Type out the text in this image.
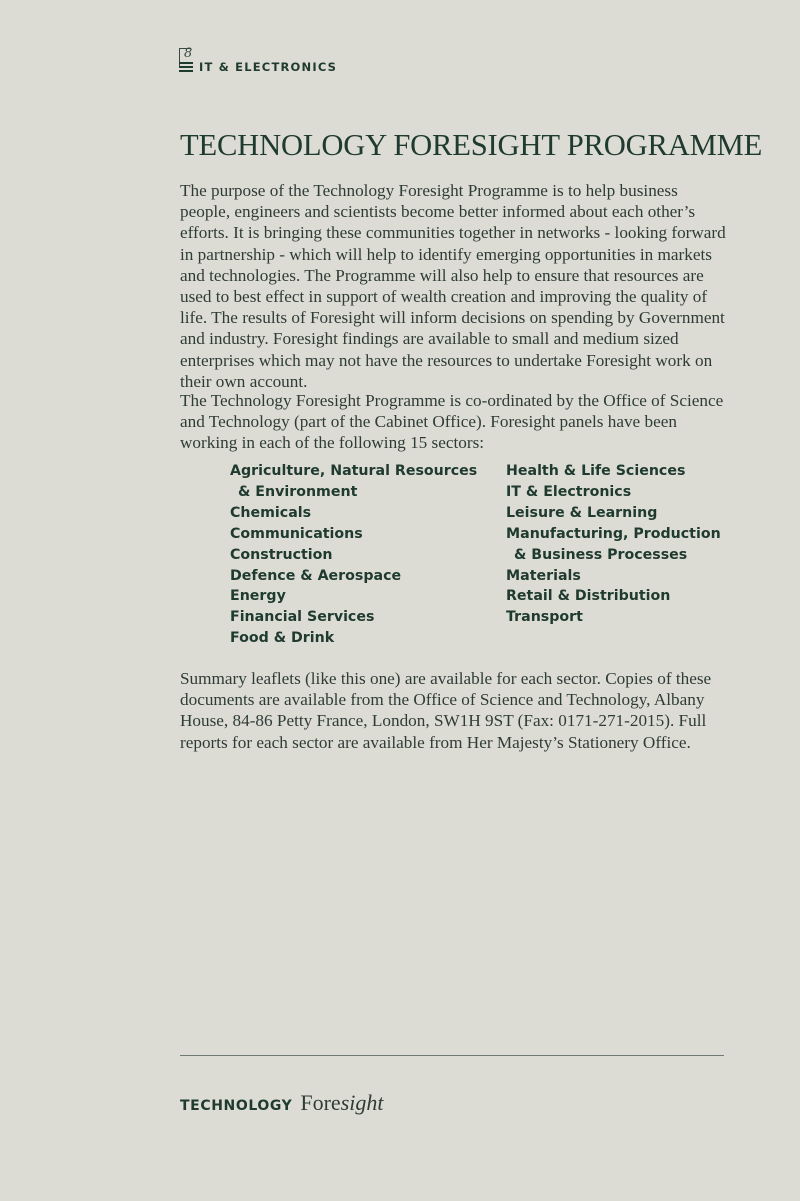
8
IT & ELECTRONICS
TECHNOLOGY FORESIGHT PROGRAMME

The purpose of the Technology Foresight Programme is to help business people, engineers and scientists become better informed about each other’s efforts. It is bringing these communities together in networks - looking forward in partnership - which will help to identify emerging opportunities in markets and technologies. The Programme will also help to ensure that resources are used to best effect in support of wealth creation and improving the quality of life. The results of Foresight will inform decisions on spending by Government and industry. Foresight findings are available to small and medium sized enterprises which may not have the resources to undertake Foresight work on their own account.

The Technology Foresight Programme is co-ordinated by the Office of Science and Technology (part of the Cabinet Office). Foresight panels have been working in each of the following 15 sectors:

Agriculture, Natural Resources
& Environment
Chemicals
Communications
Construction
Defence & Aerospace
Energy
Financial Services
Food & Drink
Health & Life Sciences
IT & Electronics
Leisure & Learning
Manufacturing, Production
& Business Processes
Materials
Retail & Distribution
Transport

Summary leaflets (like this one) are available for each sector. Copies of these documents are available from the Office of Science and Technology, Albany House, 84-86 Petty France, London, SW1H 9ST (Fax: 0171-271-2015). Full reports for each sector are available from Her Majesty’s Stationery Office.

TECHNOLOGY Foresight
